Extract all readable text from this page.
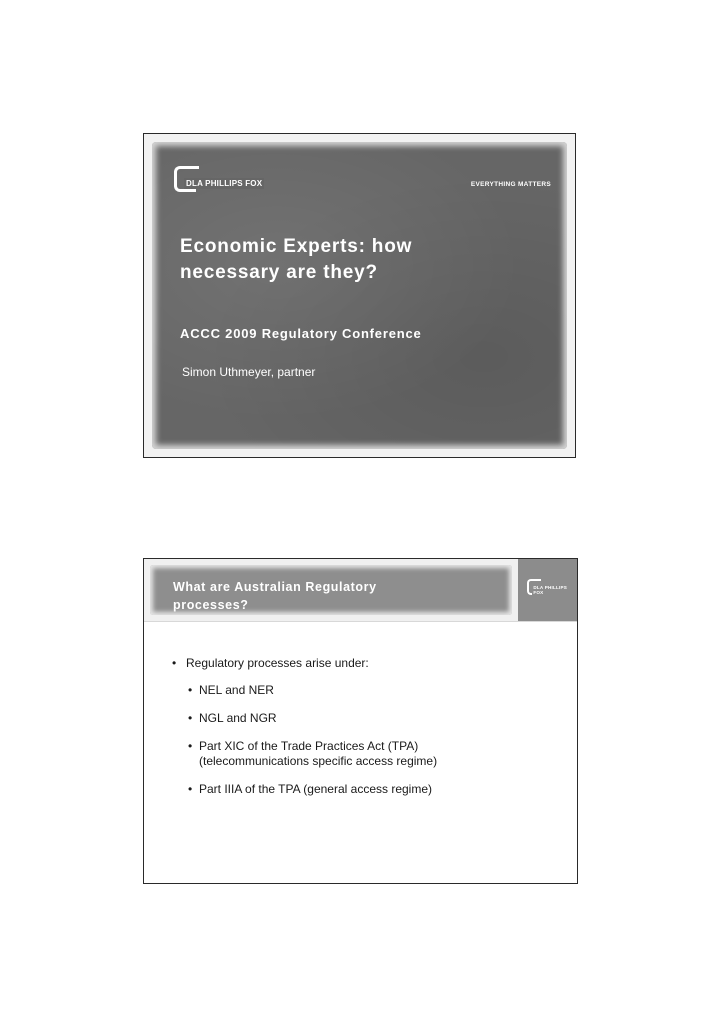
DLA PHILLIPS FOX	EVERYTHING MATTERS
Economic Experts: how
necessary are they?
ACCC 2009 Regulatory Conference
Simon Uthmeyer, partner
What are Australian Regulatory
processes?
DLA PHILLIPS FOX

• Regulatory processes arise under:

• NEL and NER
• NGL and NGR
• Part XIC of the Trade Practices Act (TPA)
(telecommunications specific access regime)
• Part IIIA of the TPA (general access regime)
